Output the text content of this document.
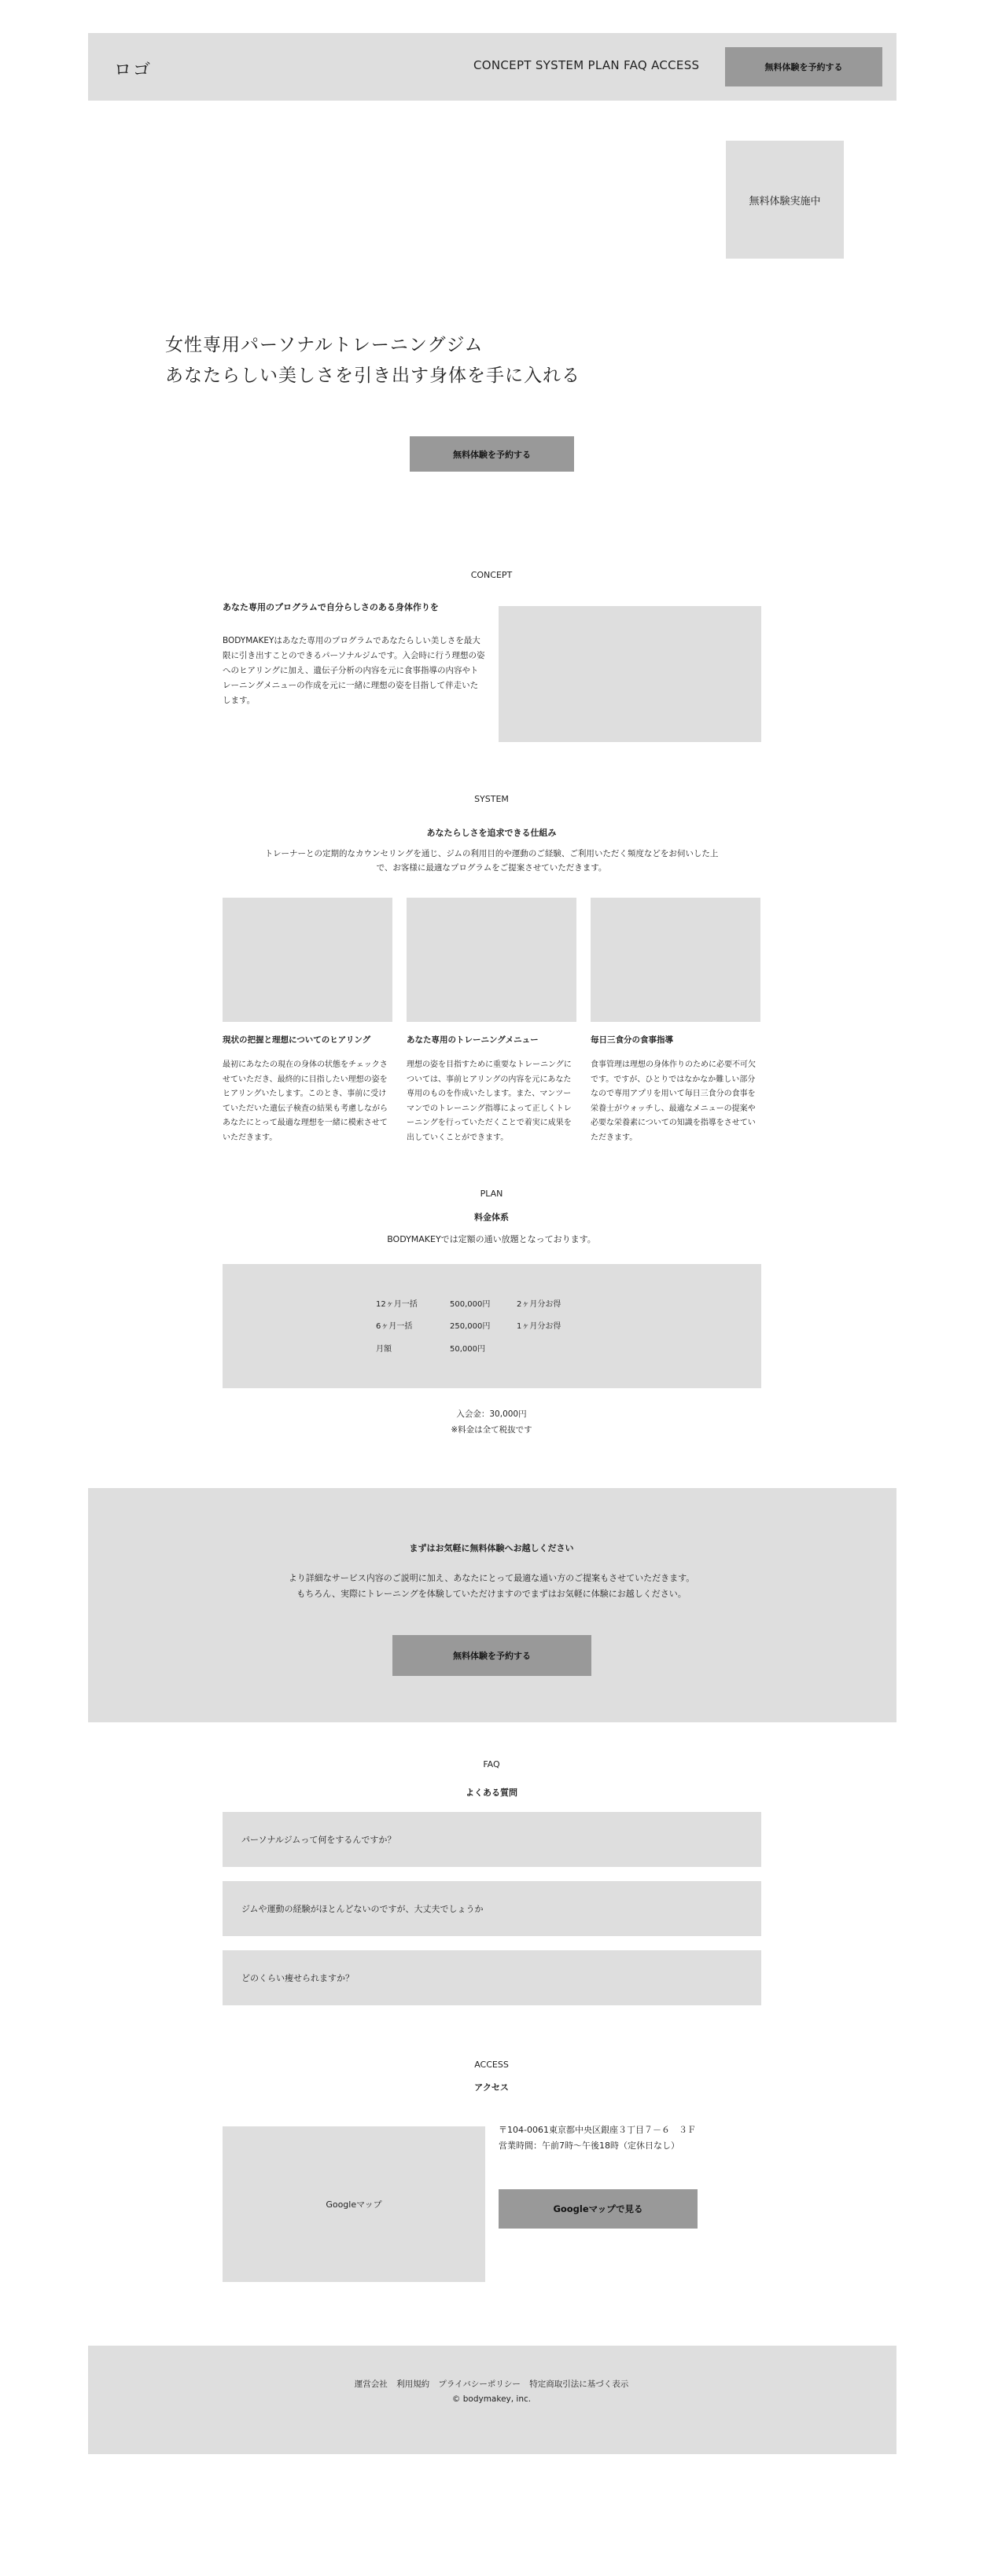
ロゴ	CONCEPT SYSTEM PLAN FAQ ACCESS	無料体験を予約する
無料体験実施中
女性専用パーソナルトレーニングジム
あなたらしい美しさを引き出す身体を手に入れる
無料体験を予約する
CONCEPT
あなた専用のプログラムで自分らしさのある身体作りを
BODYMAKEYはあなた専用のプログラムであなたらしい美しさを最大限に引き出すことのできるパーソナルジムです。入会時に行う理想の姿へのヒアリングに加え、遺伝子分析の内容を元に食事指導の内容やトレーニングメニューの作成を元に一緒に理想の姿を目指して伴走いたします。
SYSTEM
あなたらしさを追求できる仕組み
トレーナーとの定期的なカウンセリングを通じ、ジムの利用目的や運動のご経験、ご利用いただく頻度などをお伺いした上で、お客様に最適なプログラムをご提案させていただきます。
現状の把握と理想についてのヒアリング	あなた専用のトレーニングメニュー	毎日三食分の食事指導
最初にあなたの現在の身体の状態をチェックさせていただき、最終的に目指したい理想の姿をヒアリングいたします。このとき、事前に受けていただいた遺伝子検査の結果も考慮しながらあなたにとって最適な理想を一緒に模索させていただきます。
理想の姿を目指すために重要なトレーニングについては、事前ヒアリングの内容を元にあなた専用のものを作成いたします。また、マンツーマンでのトレーニング指導によって正しくトレーニングを行っていただくことで着実に成果を出していくことができます。
食事管理は理想の身体作りのために必要不可欠です。ですが、ひとりではなかなか難しい部分なので専用アプリを用いて毎日三食分の食事を栄養士がウォッチし、最適なメニューの提案や必要な栄養素についての知識を指導をさせていただきます。
PLAN
料金体系
BODYMAKEYでは定額の通い放題となっております。
12ヶ月一括	500,000円	2ヶ月分お得
6ヶ月一括	250,000円	1ヶ月分お得
月額	50,000円
入会金：30,000円
※料金は全て税抜です
まずはお気軽に無料体験へお越しください
より詳細なサービス内容のご説明に加え、あなたにとって最適な通い方のご提案もさせていただきます。
もちろん、実際にトレーニングを体験していただけますのでまずはお気軽に体験にお越しください。
無料体験を予約する
FAQ
よくある質問
パーソナルジムって何をするんですか？
ジムや運動の経験がほとんどないのですが、大丈夫でしょうか
どのくらい痩せられますか？
ACCESS
アクセス
Googleマップ
〒104-0061東京都中央区銀座３丁目７－６　３Ｆ
営業時間：午前7時〜午後18時（定休日なし）
Googleマップで見る
運営会社 利用規約 プライバシーポリシー 特定商取引法に基づく表示
© bodymakey, inc.
